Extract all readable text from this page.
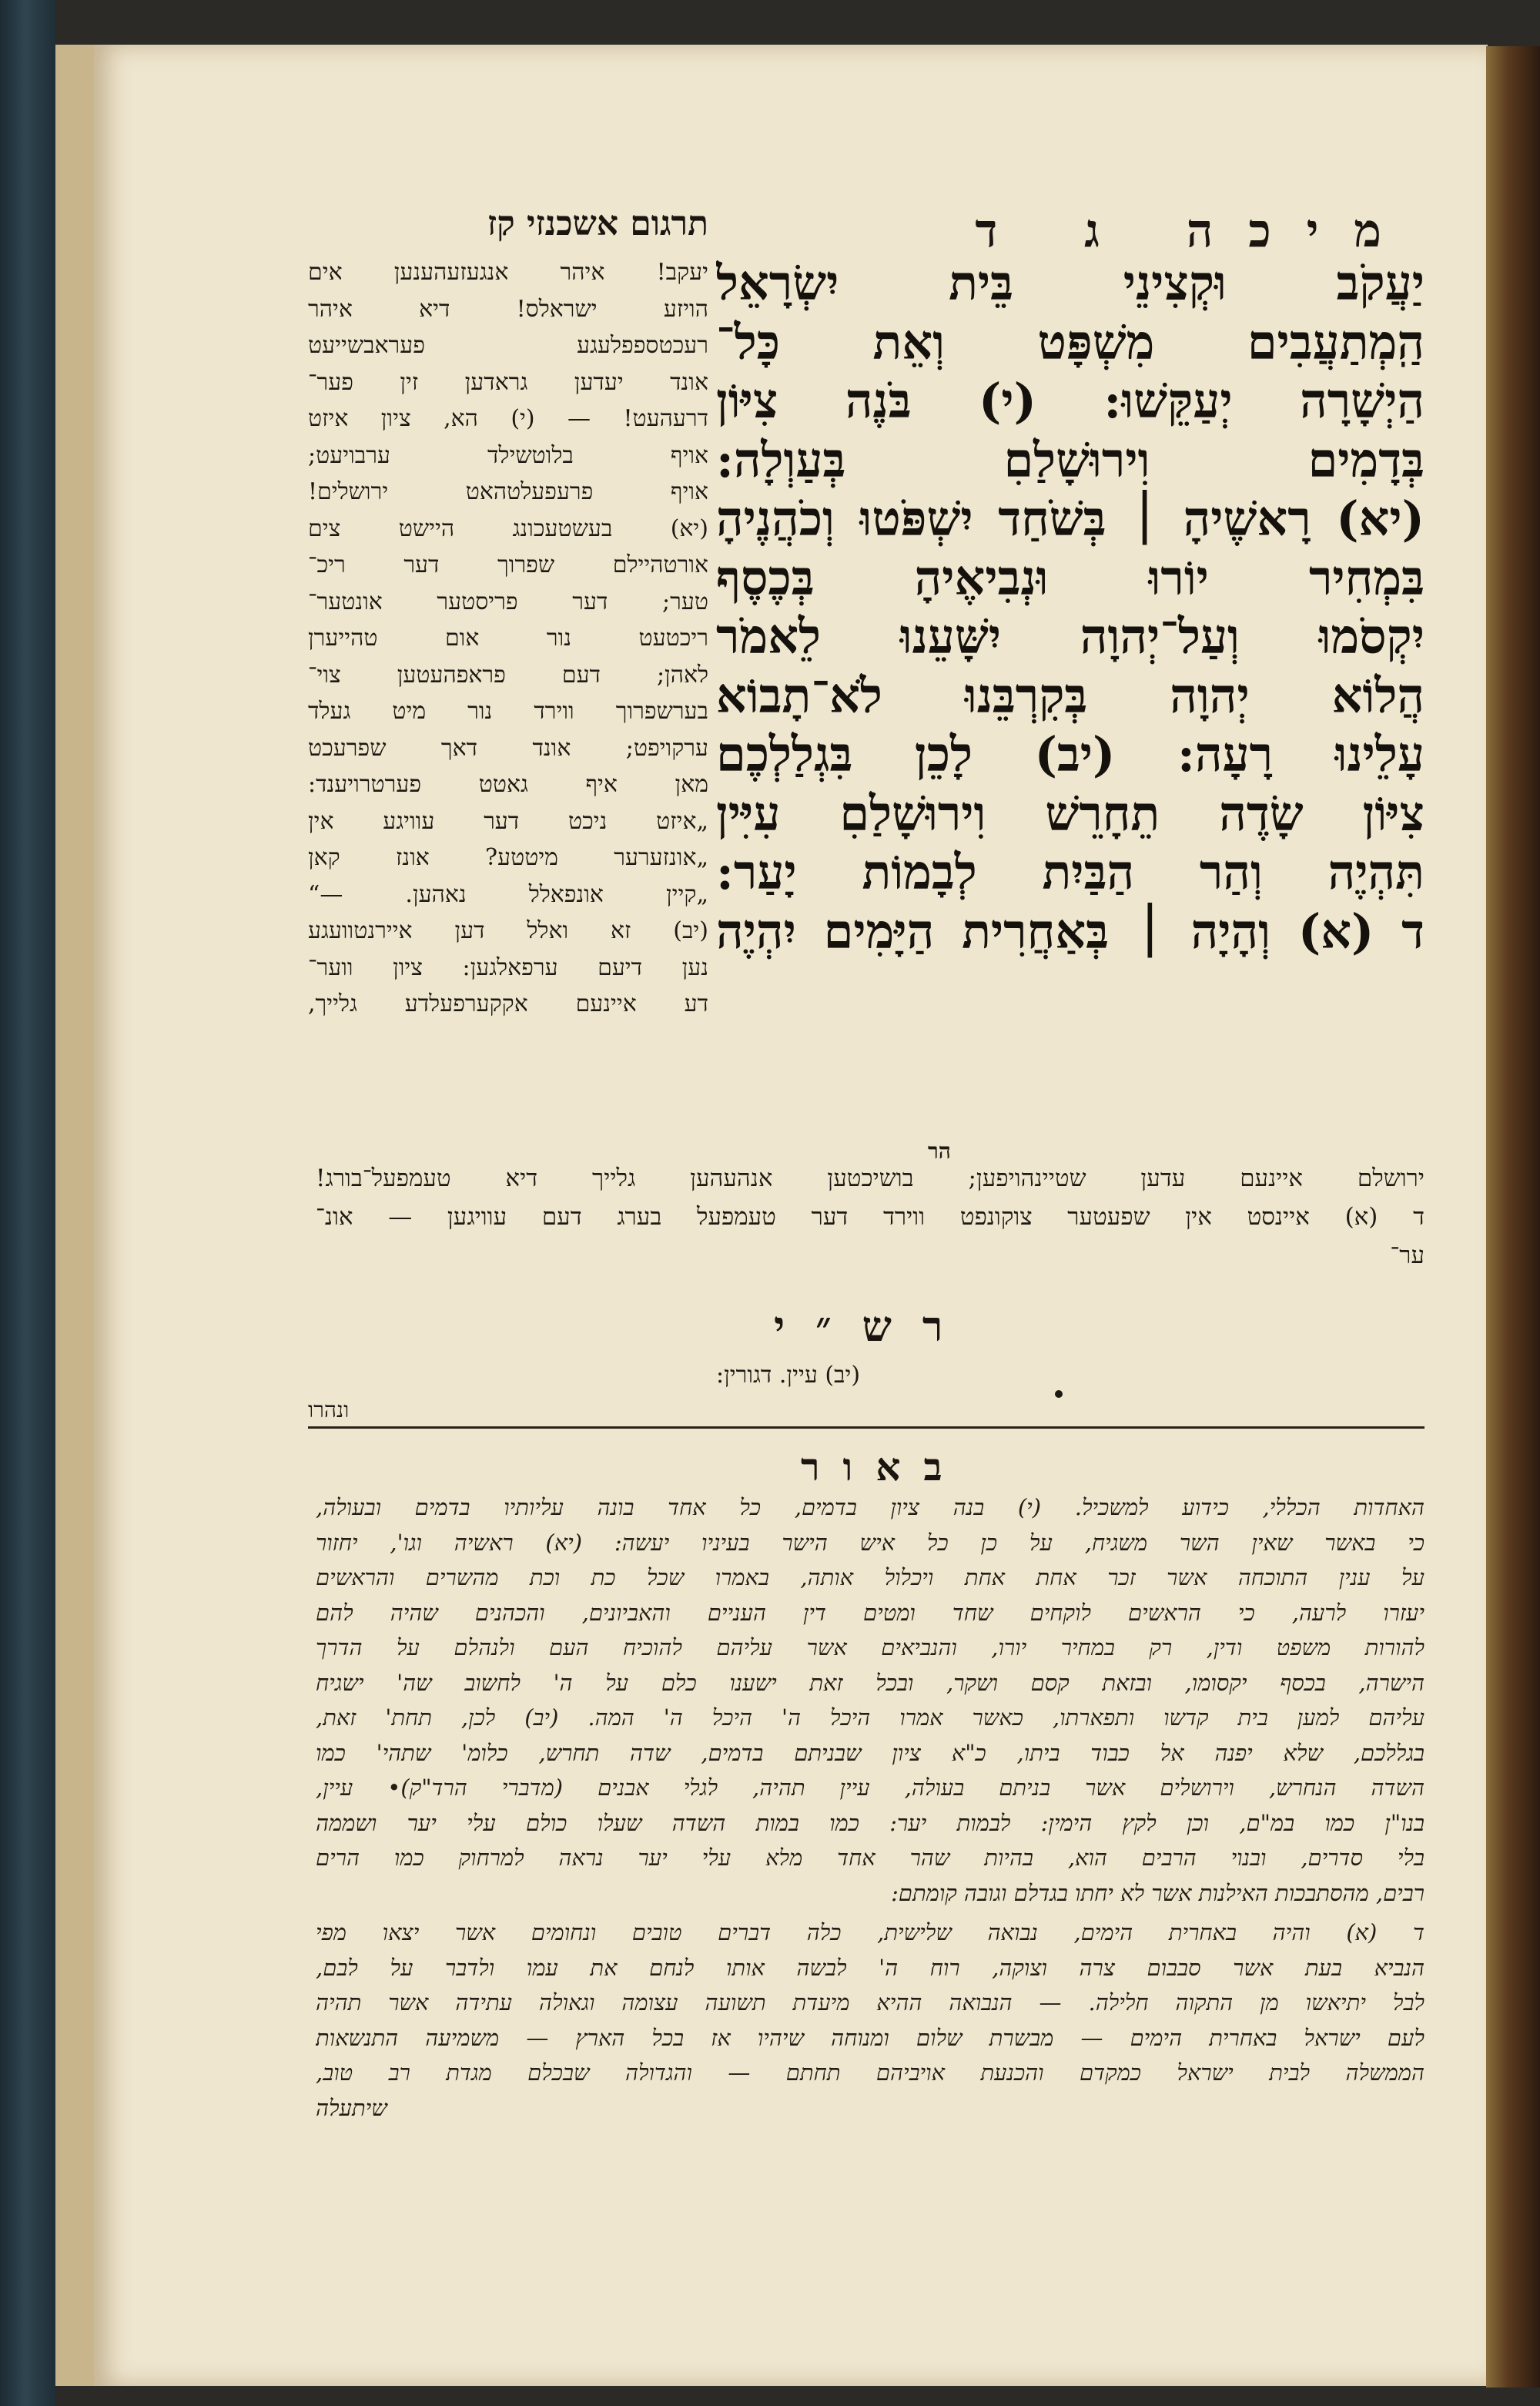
מיכה ג ד
תרגום אשכנזי קז
יַעֲקֹב וּקְצִינֵי בֵּית יִשְׂרָאֵל
הַֽמְתַעֲבִים מִשְׁפָּט וְאֵת כָּל־
הַיְשָׁרָה יְעַקֵּשׁוּ: (י) בֹּנֶה צִיּוֹן
בְּדָמִים וִירוּשָׁלַםִ בְּעַוְלָה:
(יא) רָאשֶׁיהָ ׀ בְּשֹׁחַד יִשְׁפֹּטוּ וְכֹהֲנֶיהָ
בִּמְחִיר יוֹרוּ וּנְבִיאֶיהָ בְּכֶסֶף
יִקְסֹמוּ וְעַל־יְהוָה יִשָּׁעֵנוּ לֵאמֹר
הֲלוֹא יְהוָה בְּקִרְבֵּנוּ לֹא־תָבוֹא
עָלֵינוּ רָעָה: (יב) לָכֵן בִּגְלַלְכֶם
צִיּוֹן שָׂדֶה תֵחָרֵשׁ וִירוּשָׁלַםִ עִיִּין
תִּהְיֶה וְהַר הַבַּיִת לְבָמוֹת יָעַר:
ד (א) וְהָיָה ׀ בְּאַחֲרִית הַיָּמִים יִהְיֶה
הר
יעקב! איהר אנגעזעהענען אים
הויזע ישראלס! דיא איהר
רעכטספפלעגע פעראבשייעט
אונד יעדען גראדען זין פער־
דרעהעט! — (י) הא, ציון איזט
אויף בלוטשילד ערבויעט;
אויף פרעפעלטהאט ירושלים!
(יא) בעשטעכונג היישט צים
אורטהיילם שפרוך דער ריכ־
טער; דער פריסטער אונטער־
ריכטעט נור אום טהייערן
לאהן; דעם פראפהעטען צוי־
בערשפרוך ווירד נור מיט געלד
ערקויפט; אונד דאך שפרעכט
מאן איף גאטט פערטרויענד:
„איזט ניכט דער עוויגע אין
„אונזערער מיטטע? אונז קאן
„קיין אונפאלל נאהען. —“
(יב) זא ואלל דען איירנטוועגע
נען דיעם ערפאלגען: ציון ווער־
דע איינעם אקקערפעלדע גלייך,
ירושלם איינעם עדען שטיינהויפען; בושיכטען אנהעהען גלייך דיא טעמפעל־בורג!
ד (א) איינסט אין שפעטער צוקונפט ווירד דער טעמפעל בערג דעם עוויגען — אונ־
ער־
רש״י
(יב) עיין. דגורין:
ונהרו
באור
האחדות הכללי, כידוע למשכיל. (י) בנה ציון בדמים, כל אחד בונה עליותיו בדמים ובעולה,
כי באשר שאין השר משגיח, על כן כל איש הישר בעיניו יעשה: (יא) ראשיה וגו', יחזור
על ענין התוכחה אשר זכר אחת אחת ויכלול אותה, באמרו שכל כת וכת מהשרים והראשים
יעזרו לרעה, כי הראשים לוקחים שחד ומטים דין העניים והאביונים, והכהנים שהיה להם
להורות משפט ודין, רק במחיר יורו, והנביאים אשר עליהם להוכיח העם ולנהלם על הדרך
הישרה, בכסף יקסומו, ובזאת קסם ושקר, ובכל זאת ישענו כלם על ה' לחשוב שה' ישגיח
עליהם למען בית קדשו ותפארתו, כאשר אמרו היכל ה' היכל ה' המה. (יב) לכן, תחת' זאת,
בגללכם, שלא יפנה אל כבוד ביתו, כ"א ציון שבניתם בדמים, שדה תחרש, כלומ' שתהי' כמו
השדה הנחרש, וירושלים אשר בניתם בעולה, עיין תהיה, לגלי אבנים (מדברי הרד"ק)• עיין,
בנו"ן כמו במ"ם, וכן לקץ הימין: לבמות יער: כמו במות השדה שעלו כולם עלי יער ושממה
בלי סדרים, ובנוי הרבים הוא, בהיות שהר אחד מלא עלי יער נראה למרחוק כמו הרים
רבים, מהסתבכות האילנות אשר לא יחתו בגדלם וגובה קומתם:
ד (א) והיה באחרית הימים, נבואה שלישית, כלה דברים טובים ונחומים אשר יצאו מפי
הנביא בעת אשר סבבום צרה וצוקה, רוח ה' לבשה אותו לנחם את עמו ולדבר על לבם,
לבל יתיאשו מן התקוה חלילה. — הנבואה ההיא מיעדת תשועה עצומה וגאולה עתידה אשר תהיה
לעם ישראל באחרית הימים — מבשרת שלום ומנוחה שיהיו אז בכל הארץ — משמיעה התנשאות
הממשלה לבית ישראל כמקדם והכנעת אויביהם תחתם — והגדולה שבכלם מגדת רב טוב,
שיתעלה
